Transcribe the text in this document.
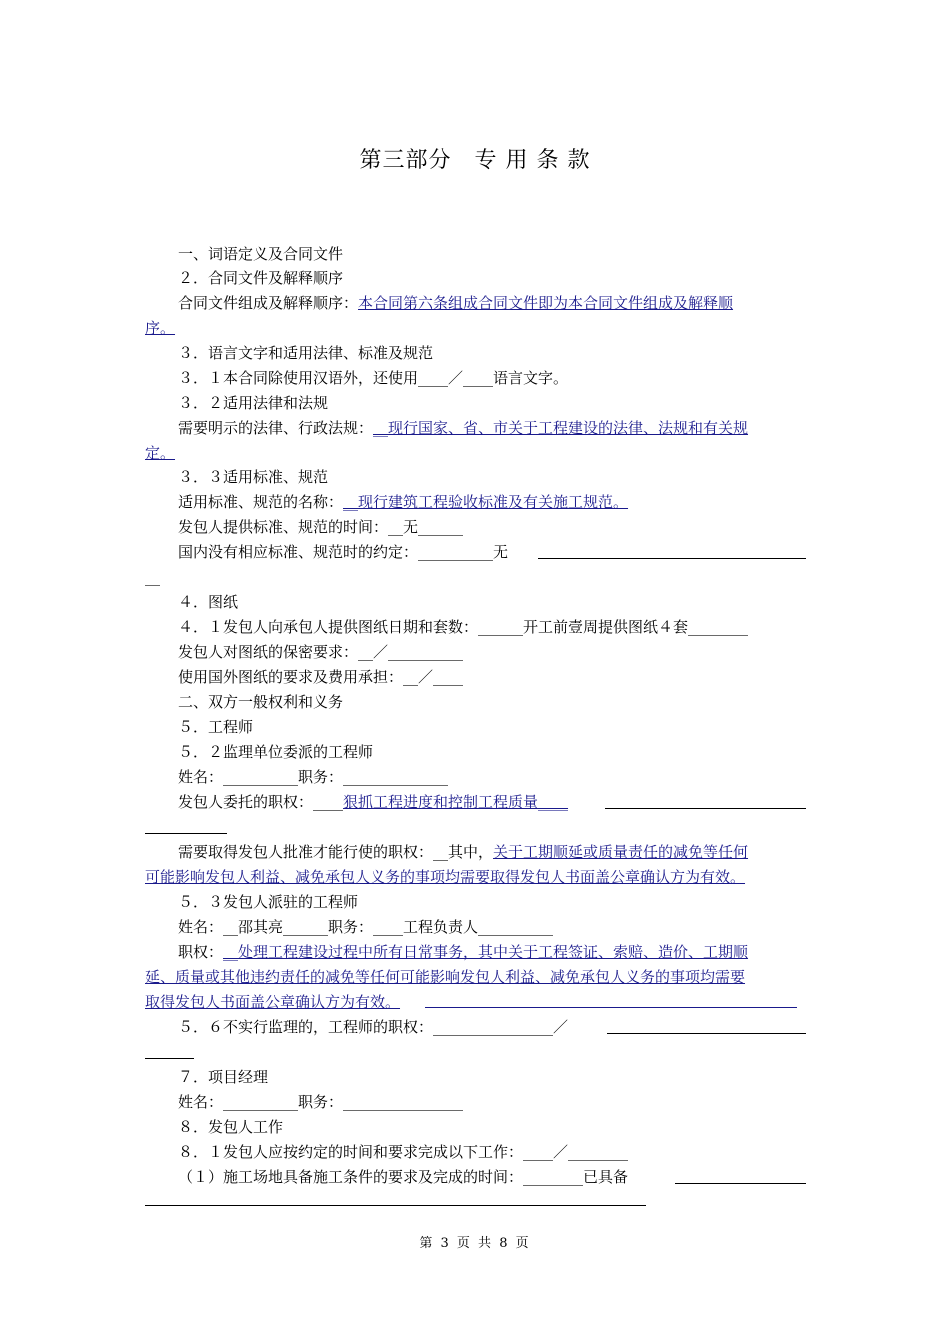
第三部分　专 用 条 款
一、词语定义及合同文件
２．合同文件及解释顺序
合同文件组成及解释顺序：本合同第六条组成合同文件即为本合同文件组成及解释顺
序。
３．语言文字和适用法律、标准及规范
３．１本合同除使用汉语外，还使用____／____语言文字。
３．２适用法律和法规
需要明示的法律、行政法规：__现行国家、省、市关于工程建设的法律、法规和有关规
定。
３．３适用标准、规范
适用标准、规范的名称：__现行建筑工程验收标准及有关施工规范。
发包人提供标准、规范的时间：__无______
国内没有相应标准、规范时的约定：__________无
__
４．图纸
４．１发包人向承包人提供图纸日期和套数：______开工前壹周提供图纸４套________
发包人对图纸的保密要求：__／__________
使用国外图纸的要求及费用承担：__／____
二、双方一般权利和义务
５．工程师
５．２监理单位委派的工程师
姓名：__________职务：______________
发包人委托的职权：____狠抓工程进度和控制工程质量____
需要取得发包人批准才能行使的职权：__其中，关于工期顺延或质量责任的减免等任何
可能影响发包人利益、减免承包人义务的事项均需要取得发包人书面盖公章确认方为有效。
５．３发包人派驻的工程师
姓名：__邵其亮______职务：____工程负责人__________
职权：__处理工程建设过程中所有日常事务，其中关于工程签证、索赔、造价、工期顺
延、质量或其他违约责任的减免等任何可能影响发包人利益、减免承包人义务的事项均需要
取得发包人书面盖公章确认方为有效。
５．６不实行监理的，工程师的职权：________________／
７．项目经理
姓名：__________职务：________________
８．发包人工作
８．１发包人应按约定的时间和要求完成以下工作：____／________
（１）施工场地具备施工条件的要求及完成的时间：________已具备
第 3 页 共 8 页
